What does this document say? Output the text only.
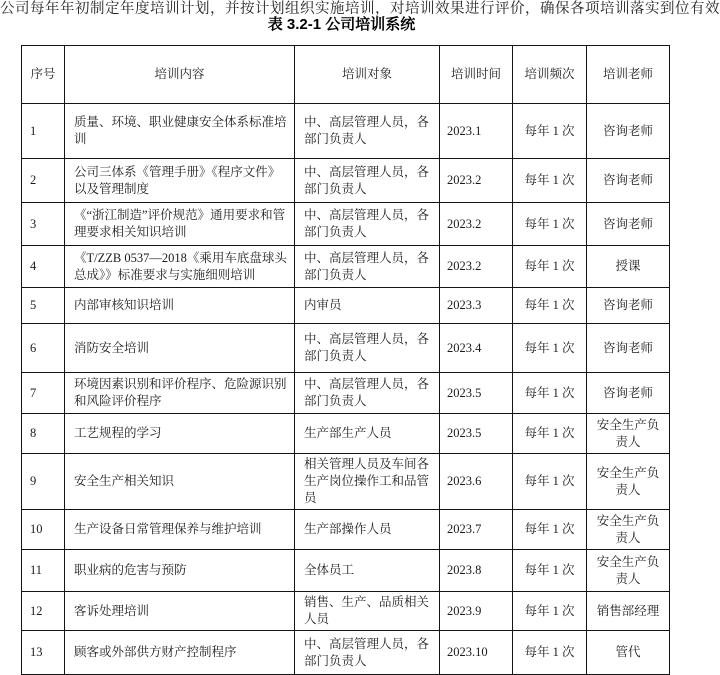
公司每年年初制定年度培训计划，并按计划组织实施培训，对培训效果进行评价，确保各项培训落实到位有效
表 3.2-1 公司培训系统
序号	培训内容	培训对象	培训时间	培训频次	培训老师
1	质量、环境、职业健康安全体系标准培训	中、高层管理人员，各部门负责人	2023.1	每年 1 次	咨询老师
2	公司三体系《管理手册》《程序文件》以及管理制度	中、高层管理人员，各部门负责人	2023.2	每年 1 次	咨询老师
3	《“浙江制造”评价规范》通用要求和管理要求相关知识培训	中、高层管理人员，各部门负责人	2023.2	每年 1 次	咨询老师
4	《T/ZZB 0537—2018《乘用车底盘球头总成》》标准要求与实施细则培训	中、高层管理人员，各部门负责人	2023.2	每年 1 次	授课
5	内部审核知识培训	内审员	2023.3	每年 1 次	咨询老师
6	消防安全培训	中、高层管理人员，各部门负责人	2023.4	每年 1 次	咨询老师
7	环境因素识别和评价程序、危险源识别和风险评价程序	中、高层管理人员，各部门负责人	2023.5	每年 1 次	咨询老师
8	工艺规程的学习	生产部生产人员	2023.5	每年 1 次	安全生产负责人
9	安全生产相关知识	相关管理人员及车间各生产岗位操作工和品管员	2023.6	每年 1 次	安全生产负责人
10	生产设备日常管理保养与维护培训	生产部操作人员	2023.7	每年 1 次	安全生产负责人
11	职业病的危害与预防	全体员工	2023.8	每年 1 次	安全生产负责人
12	客诉处理培训	销售、生产、品质相关人员	2023.9	每年 1 次	销售部经理
13	顾客或外部供方财产控制程序	中、高层管理人员，各部门负责人	2023.10	每年 1 次	管代
